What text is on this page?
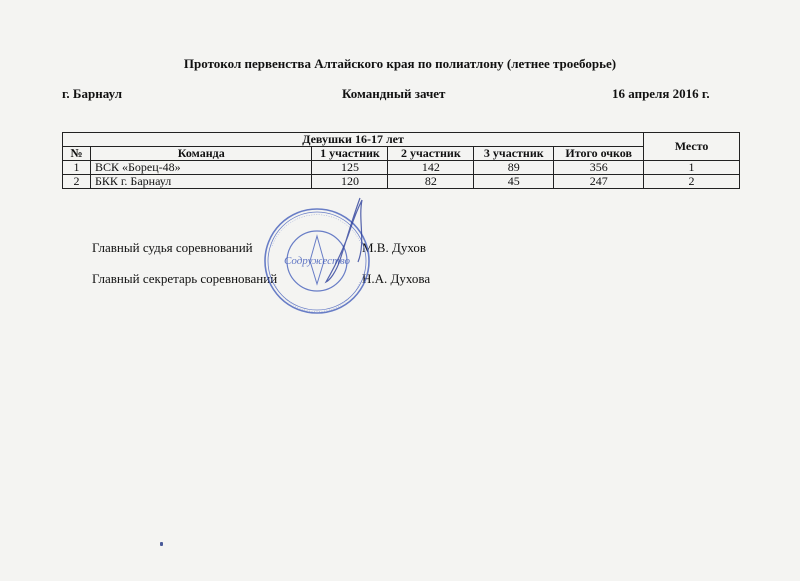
Протокол первенства Алтайского края по полиатлону (летнее троеборье)
г. Барнаул	Командный зачет	16 апреля 2016 г.
Девушки 16-17 лет						Место
№	Команда	1 участник	2 участник	3 участник	Итого очков	
1	ВСК «Борец-48»	125	142	89	356	1
2	БКК г. Барнаул	120	82	45	247	2
Главный судья соревнований	М.В. Духов
Главный секретарь соревнований	Н.А. Духова
Содружество
